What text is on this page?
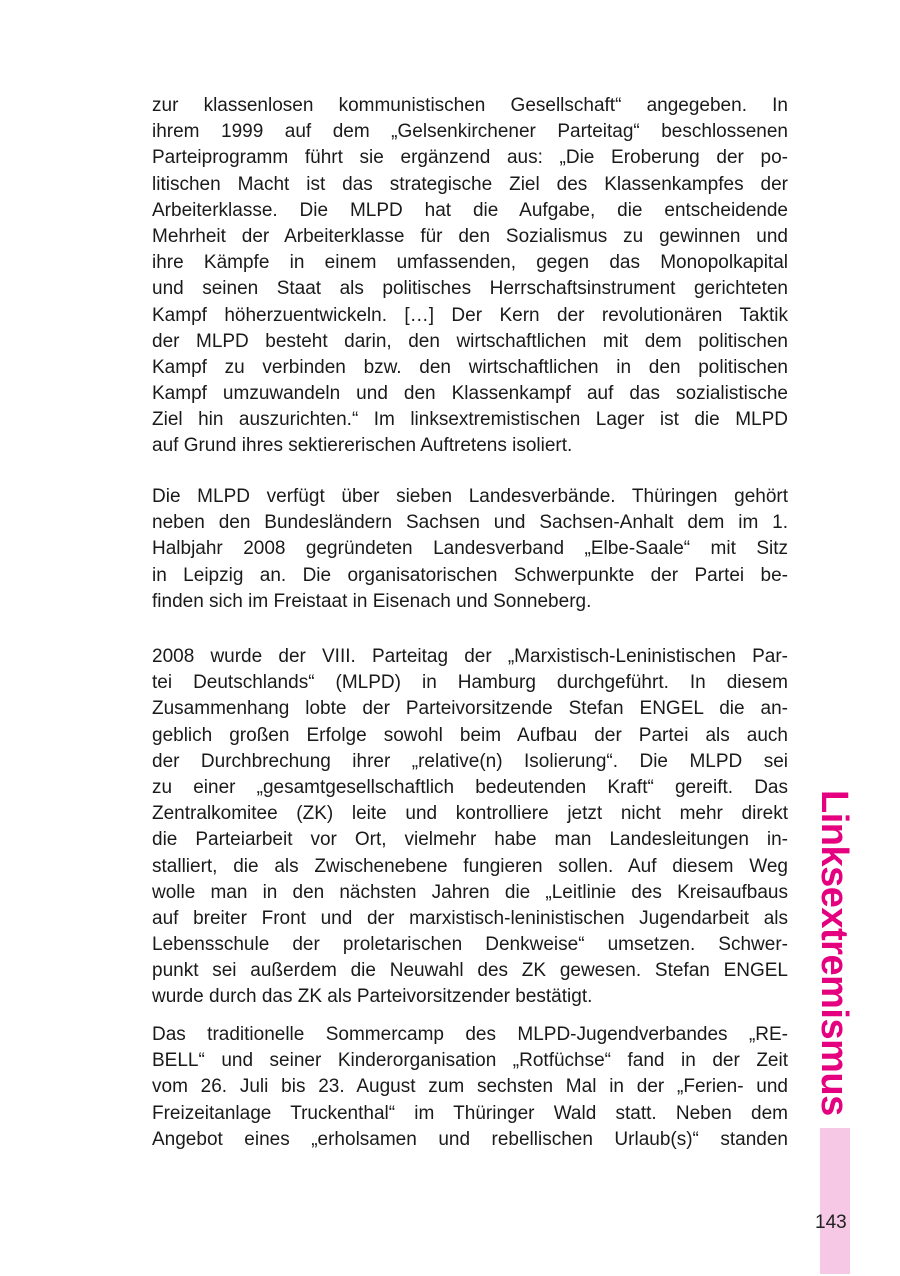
zur klassenlosen kommunistischen Gesellschaft“ angegeben. In
ihrem 1999 auf dem „Gelsenkirchener Parteitag“ beschlossenen
Parteiprogramm führt sie ergänzend aus: „Die Eroberung der po-
litischen Macht ist das strategische Ziel des Klassenkampfes der
Arbeiterklasse. Die MLPD hat die Aufgabe, die entscheidende
Mehrheit der Arbeiterklasse für den Sozialismus zu gewinnen und
ihre Kämpfe in einem umfassenden, gegen das Monopolkapital
und seinen Staat als politisches Herrschaftsinstrument gerichteten
Kampf höherzuentwickeln. […] Der Kern der revolutionären Taktik
der MLPD besteht darin, den wirtschaftlichen mit dem politischen
Kampf zu verbinden bzw. den wirtschaftlichen in den politischen
Kampf umzuwandeln und den Klassenkampf auf das sozialistische
Ziel hin auszurichten.“ Im linksextremistischen Lager ist die MLPD
auf Grund ihres sektiererischen Auftretens isoliert.
Die MLPD verfügt über sieben Landesverbände. Thüringen gehört
neben den Bundesländern Sachsen und Sachsen-Anhalt dem im 1.
Halbjahr 2008 gegründeten Landesverband „Elbe-Saale“ mit Sitz
in Leipzig an. Die organisatorischen Schwerpunkte der Partei be-
finden sich im Freistaat in Eisenach und Sonneberg.
2008 wurde der VIII. Parteitag der „Marxistisch-Leninistischen Par-
tei Deutschlands“ (MLPD) in Hamburg durchgeführt. In diesem
Zusammenhang lobte der Parteivorsitzende Stefan ENGEL die an-
geblich großen Erfolge sowohl beim Aufbau der Partei als auch
der Durchbrechung ihrer „relative(n) Isolierung“. Die MLPD sei
zu einer „gesamtgesellschaftlich bedeutenden Kraft“ gereift. Das
Zentralkomitee (ZK) leite und kontrolliere jetzt nicht mehr direkt
die Parteiarbeit vor Ort, vielmehr habe man Landesleitungen in-
stalliert, die als Zwischenebene fungieren sollen. Auf diesem Weg
wolle man in den nächsten Jahren die „Leitlinie des Kreisaufbaus
auf breiter Front und der marxistisch-leninistischen Jugendarbeit als
Lebensschule der proletarischen Denkweise“ umsetzen. Schwer-
punkt sei außerdem die Neuwahl des ZK gewesen. Stefan ENGEL
wurde durch das ZK als Parteivorsitzender bestätigt.
Das traditionelle Sommercamp des MLPD-Jugendverbandes „RE-
BELL“ und seiner Kinderorganisation „Rotfüchse“ fand in der Zeit
vom 26. Juli bis 23. August zum sechsten Mal in der „Ferien- und
Freizeitanlage Truckenthal“ im Thüringer Wald statt. Neben dem
Angebot eines „erholsamen und rebellischen Urlaub(s)“ standen
Linksextremismus
143
